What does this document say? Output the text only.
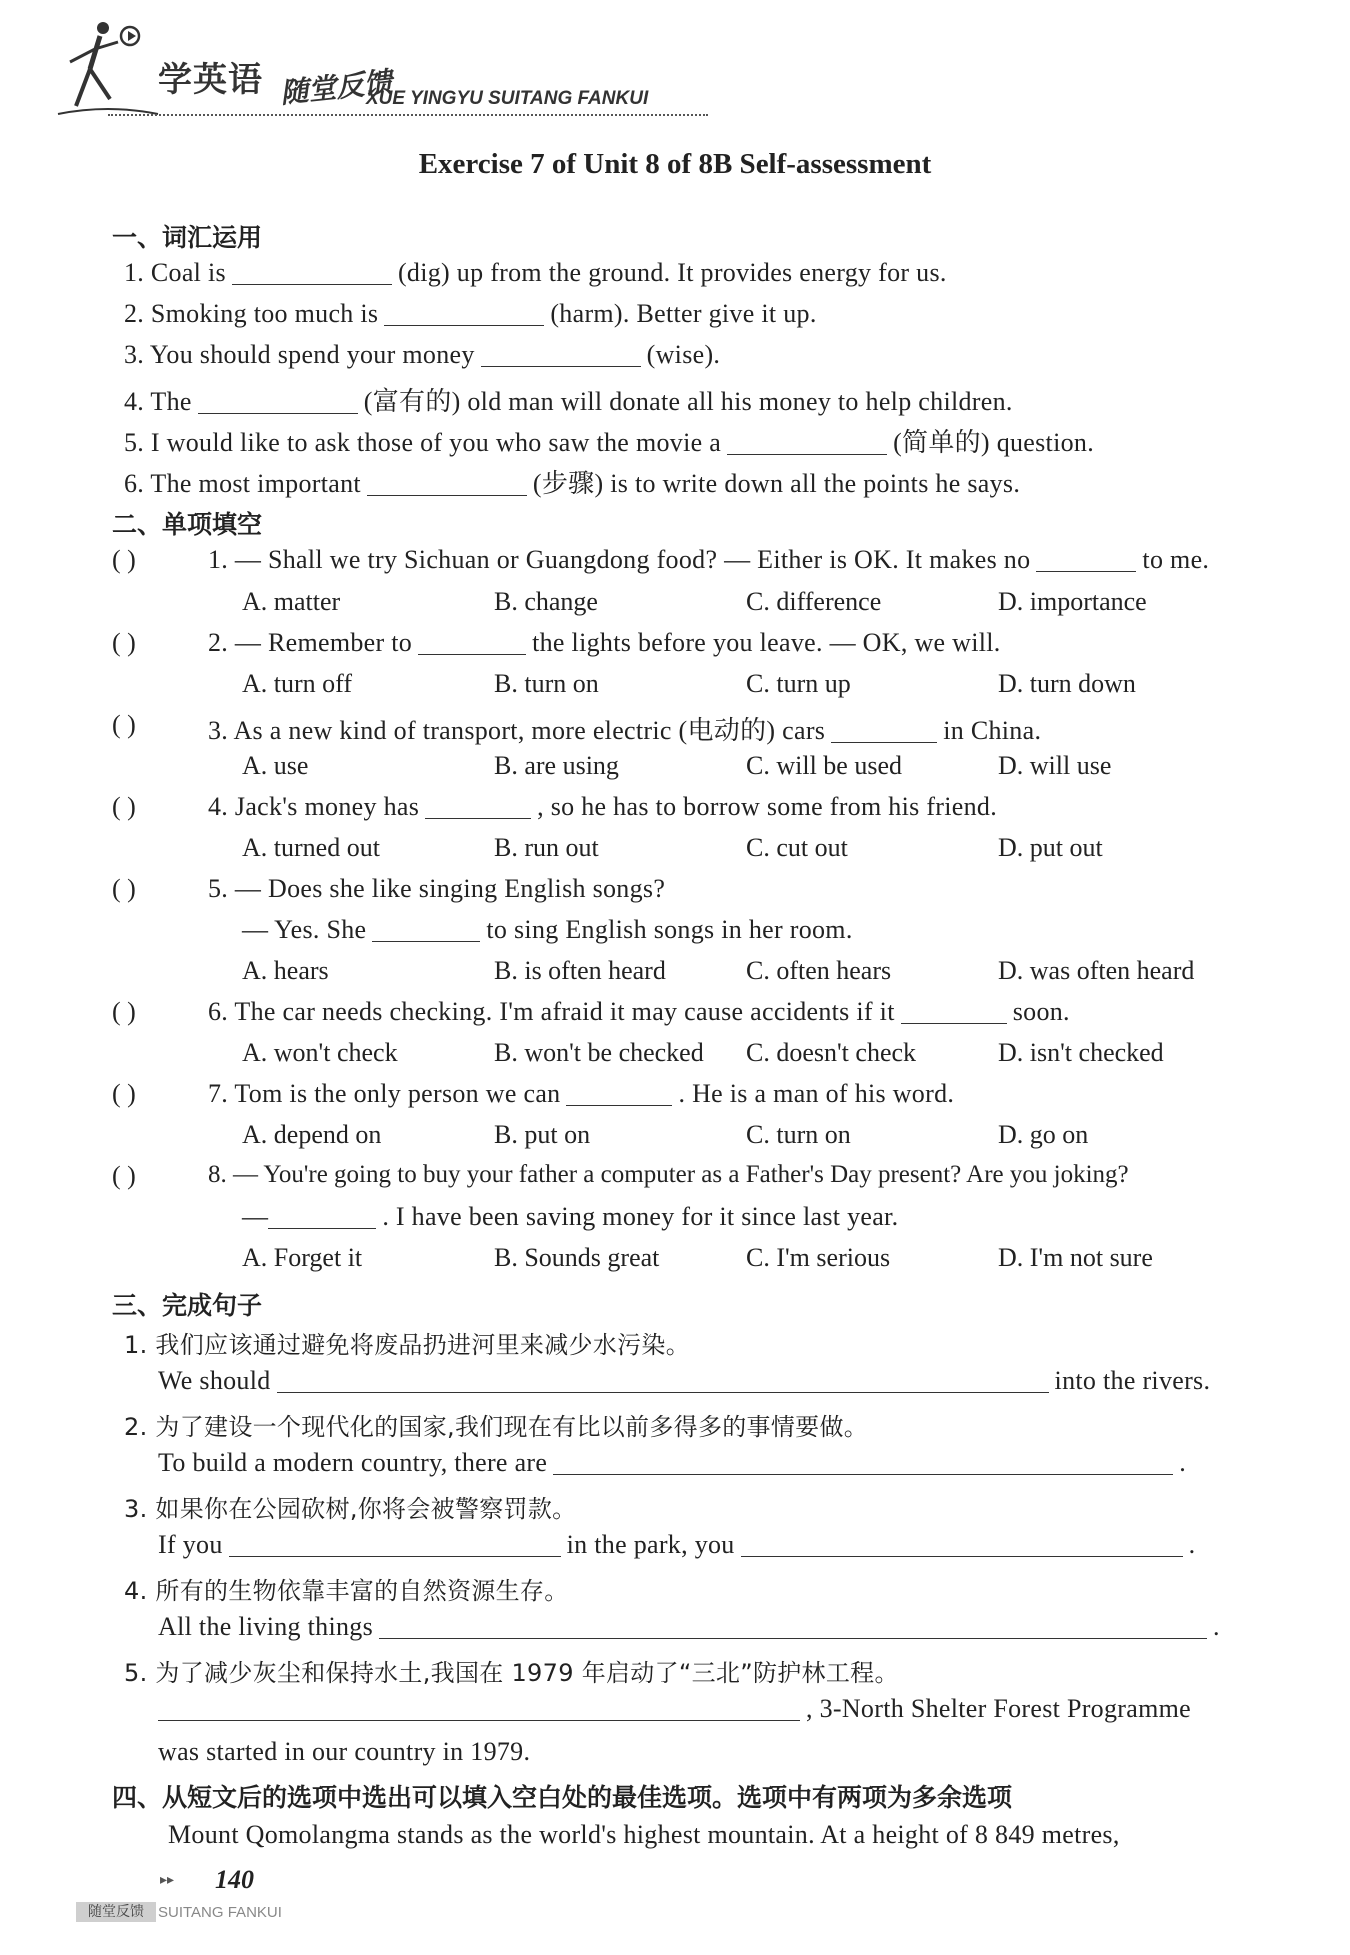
学英语 随堂反馈
XUE YINGYU SUITANG FANKUI
Exercise 7 of Unit 8 of 8B Self-assessment
一、词汇运用
1. Coal is	(dig) up from the ground. It provides energy for us.
2. Smoking too much is	(harm). Better give it up.
3. You should spend your money	(wise).
4. The	(富有的) old man will donate all his money to help children.
5. I would like to ask those of you who saw the movie a	(简单的) question.
6. The most important	(步骤) is to write down all the points he says.
二、单项填空
( )	1. — Shall we try Sichuan or Guangdong food? — Either is OK. It makes no	to me.
A. matter	B. change	C. difference	D. importance
( )	2. — Remember to	the lights before you leave. — OK, we will.
A. turn off	B. turn on	C. turn up	D. turn down
( )	3. As a new kind of transport, more electric (电动的) cars	in China.
A. use	B. are using	C. will be used	D. will use
( )	4. Jack's money has	, so he has to borrow some from his friend.
A. turned out	B. run out	C. cut out	D. put out
( )	5. — Does she like singing English songs?
— Yes. She	to sing English songs in her room.
A. hears	B. is often heard	C. often hears	D. was often heard
( )	6. The car needs checking. I'm afraid it may cause accidents if it	soon.
A. won't check	B. won't be checked C. doesn't check	D. isn't checked
( )	7. Tom is the only person we can	. He is a man of his word.
A. depend on	B. put on	C. turn on	D. go on
( )	8. — You're going to buy your father a computer as a Father's Day present? Are you joking?
—	. I have been saving money for it since last year.
A. Forget it	B. Sounds great	C. I'm serious	D. I'm not sure
三、完成句子
1. 我们应该通过避免将废品扔进河里来减少水污染。
We should	into the rivers.
2. 为了建设一个现代化的国家,我们现在有比以前多得多的事情要做。
To build a modern country, there are	.
3. 如果你在公园砍树,你将会被警察罚款。
If you	in the park, you	.
4. 所有的生物依靠丰富的自然资源生存。
All the living things	.
5. 为了减少灰尘和保持水土,我国在 1979 年启动了“三北”防护林工程。
, 3-North Shelter Forest Programme
was started in our country in 1979.
四、从短文后的选项中选出可以填入空白处的最佳选项。选项中有两项为多余选项
Mount Qomolangma stands as the world's highest mountain. At a height of 8 849 metres,
▸▸ 140
随堂反馈 SUITANG FANKUI
